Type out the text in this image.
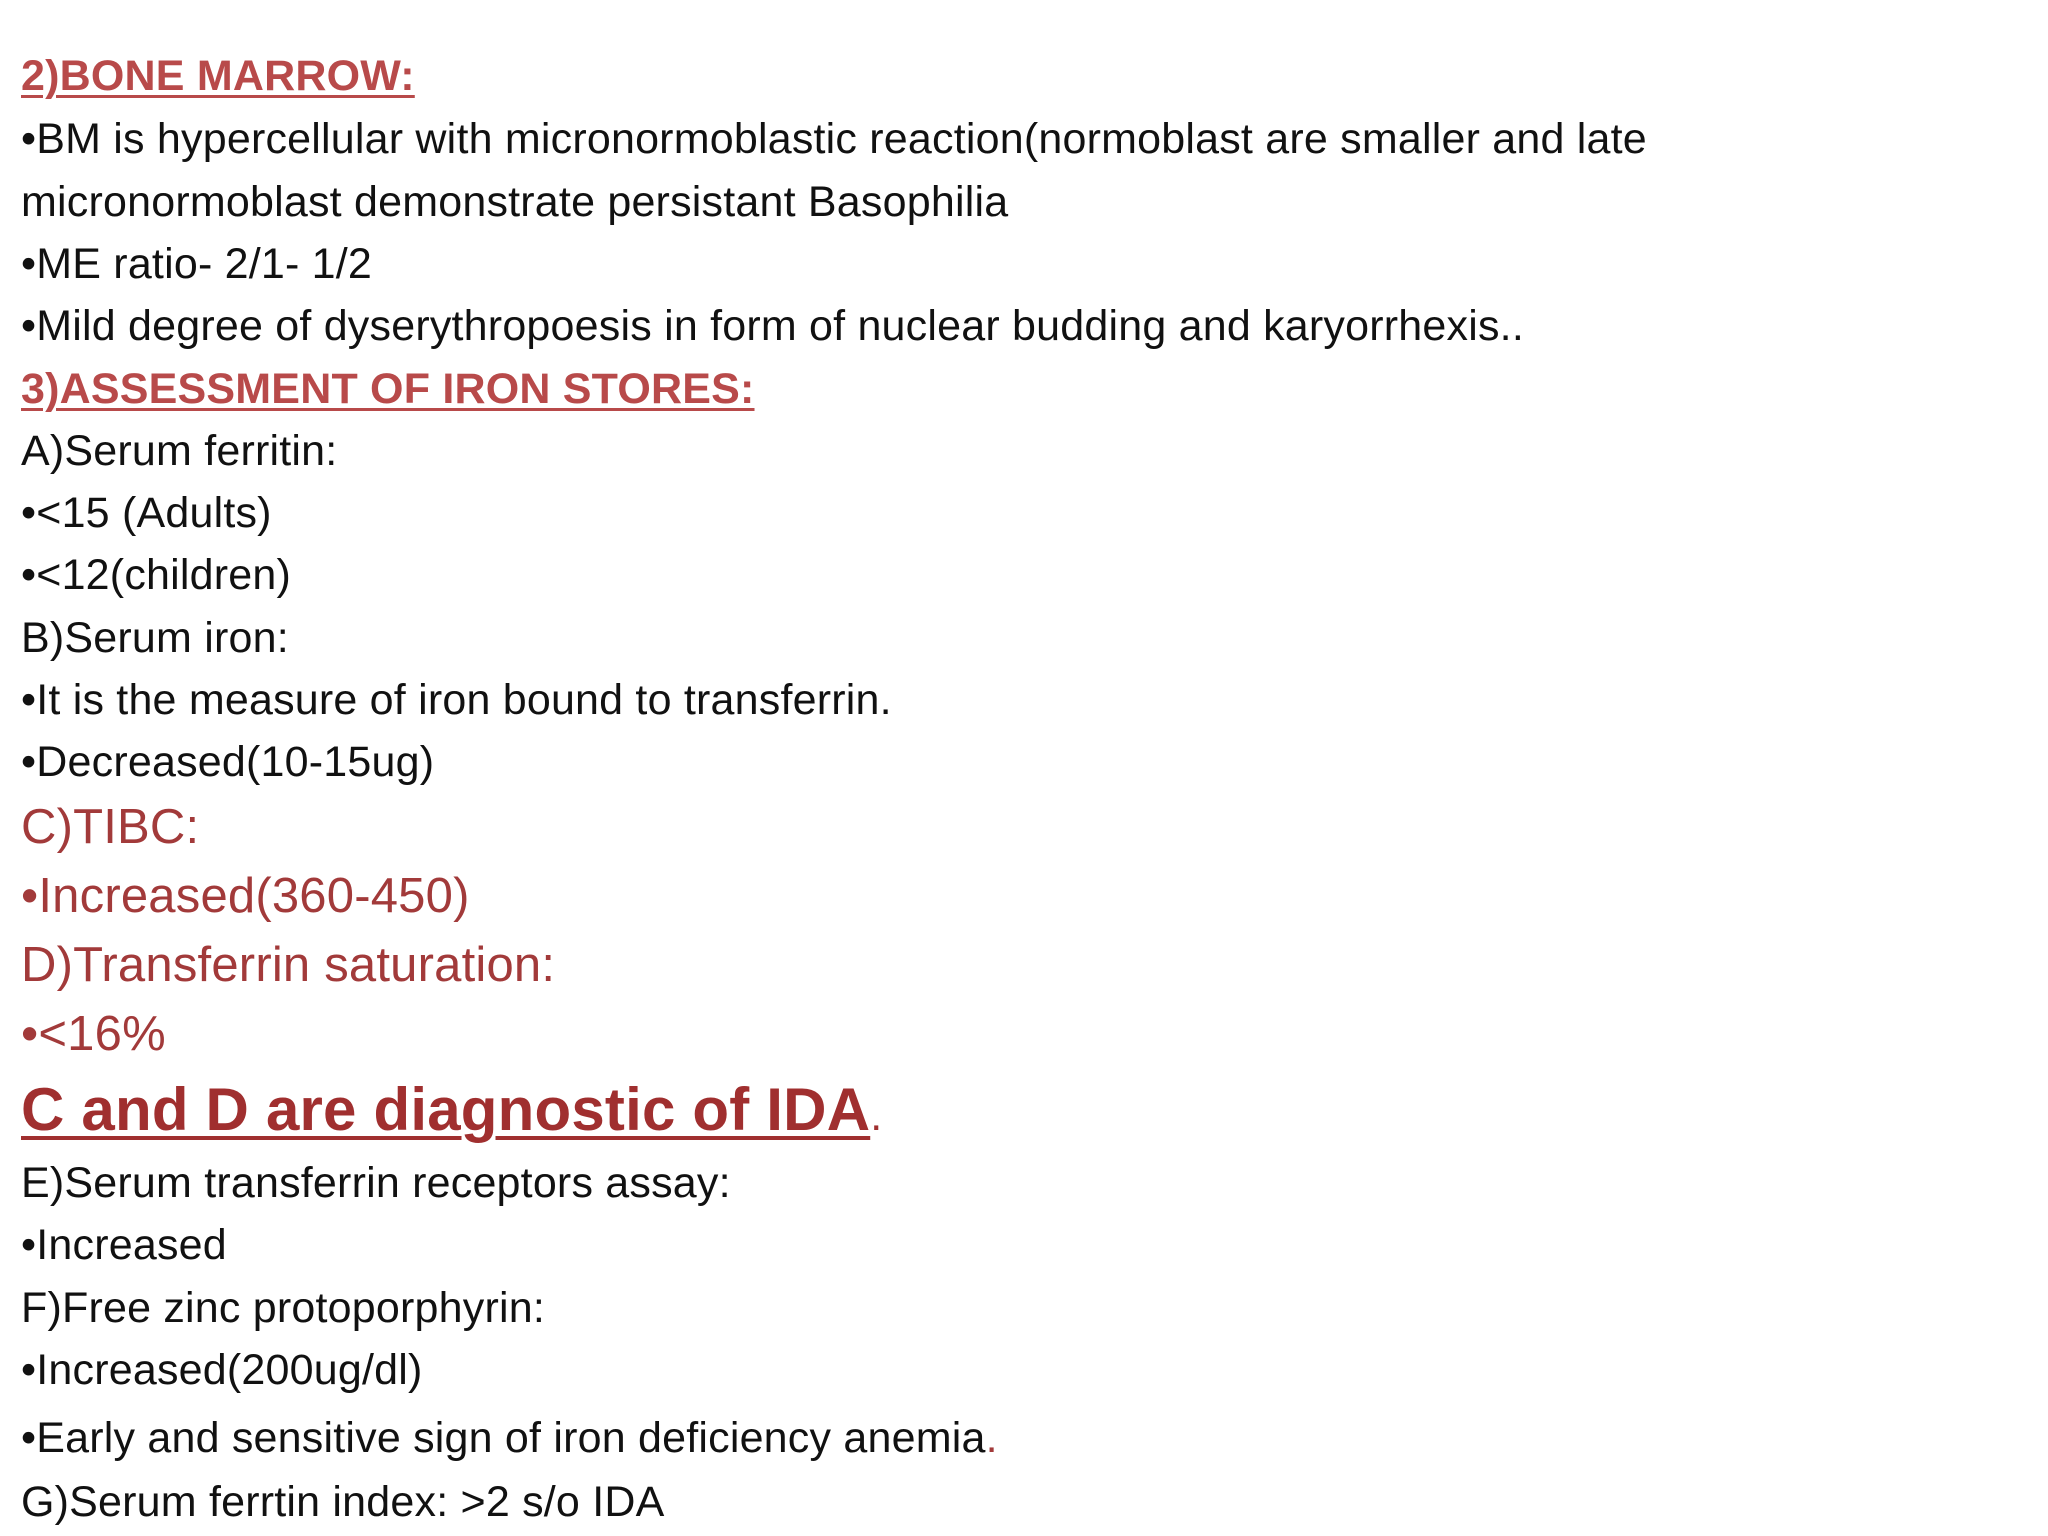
2)BONE MARROW:
•BM is hypercellular with micronormoblastic reaction(normoblast are smaller and late
micronormoblast demonstrate persistant Basophilia
•ME ratio- 2/1- 1/2
•Mild degree of dyserythropoesis in form of nuclear budding and karyorrhexis..
3)ASSESSMENT OF IRON STORES:
A)Serum ferritin:
•<15 (Adults)
•<12(children)
B)Serum iron:
•It is the measure of iron bound to transferrin.
•Decreased(10-15ug)
C)TIBC:
•Increased(360-450)
D)Transferrin saturation:
•<16%
C and D are diagnostic of IDA.
E)Serum transferrin receptors assay:
•Increased
F)Free zinc protoporphyrin:
•Increased(200ug/dl)
•Early and sensitive sign of iron deficiency anemia.
G)Serum ferrtin index: >2 s/o IDA
